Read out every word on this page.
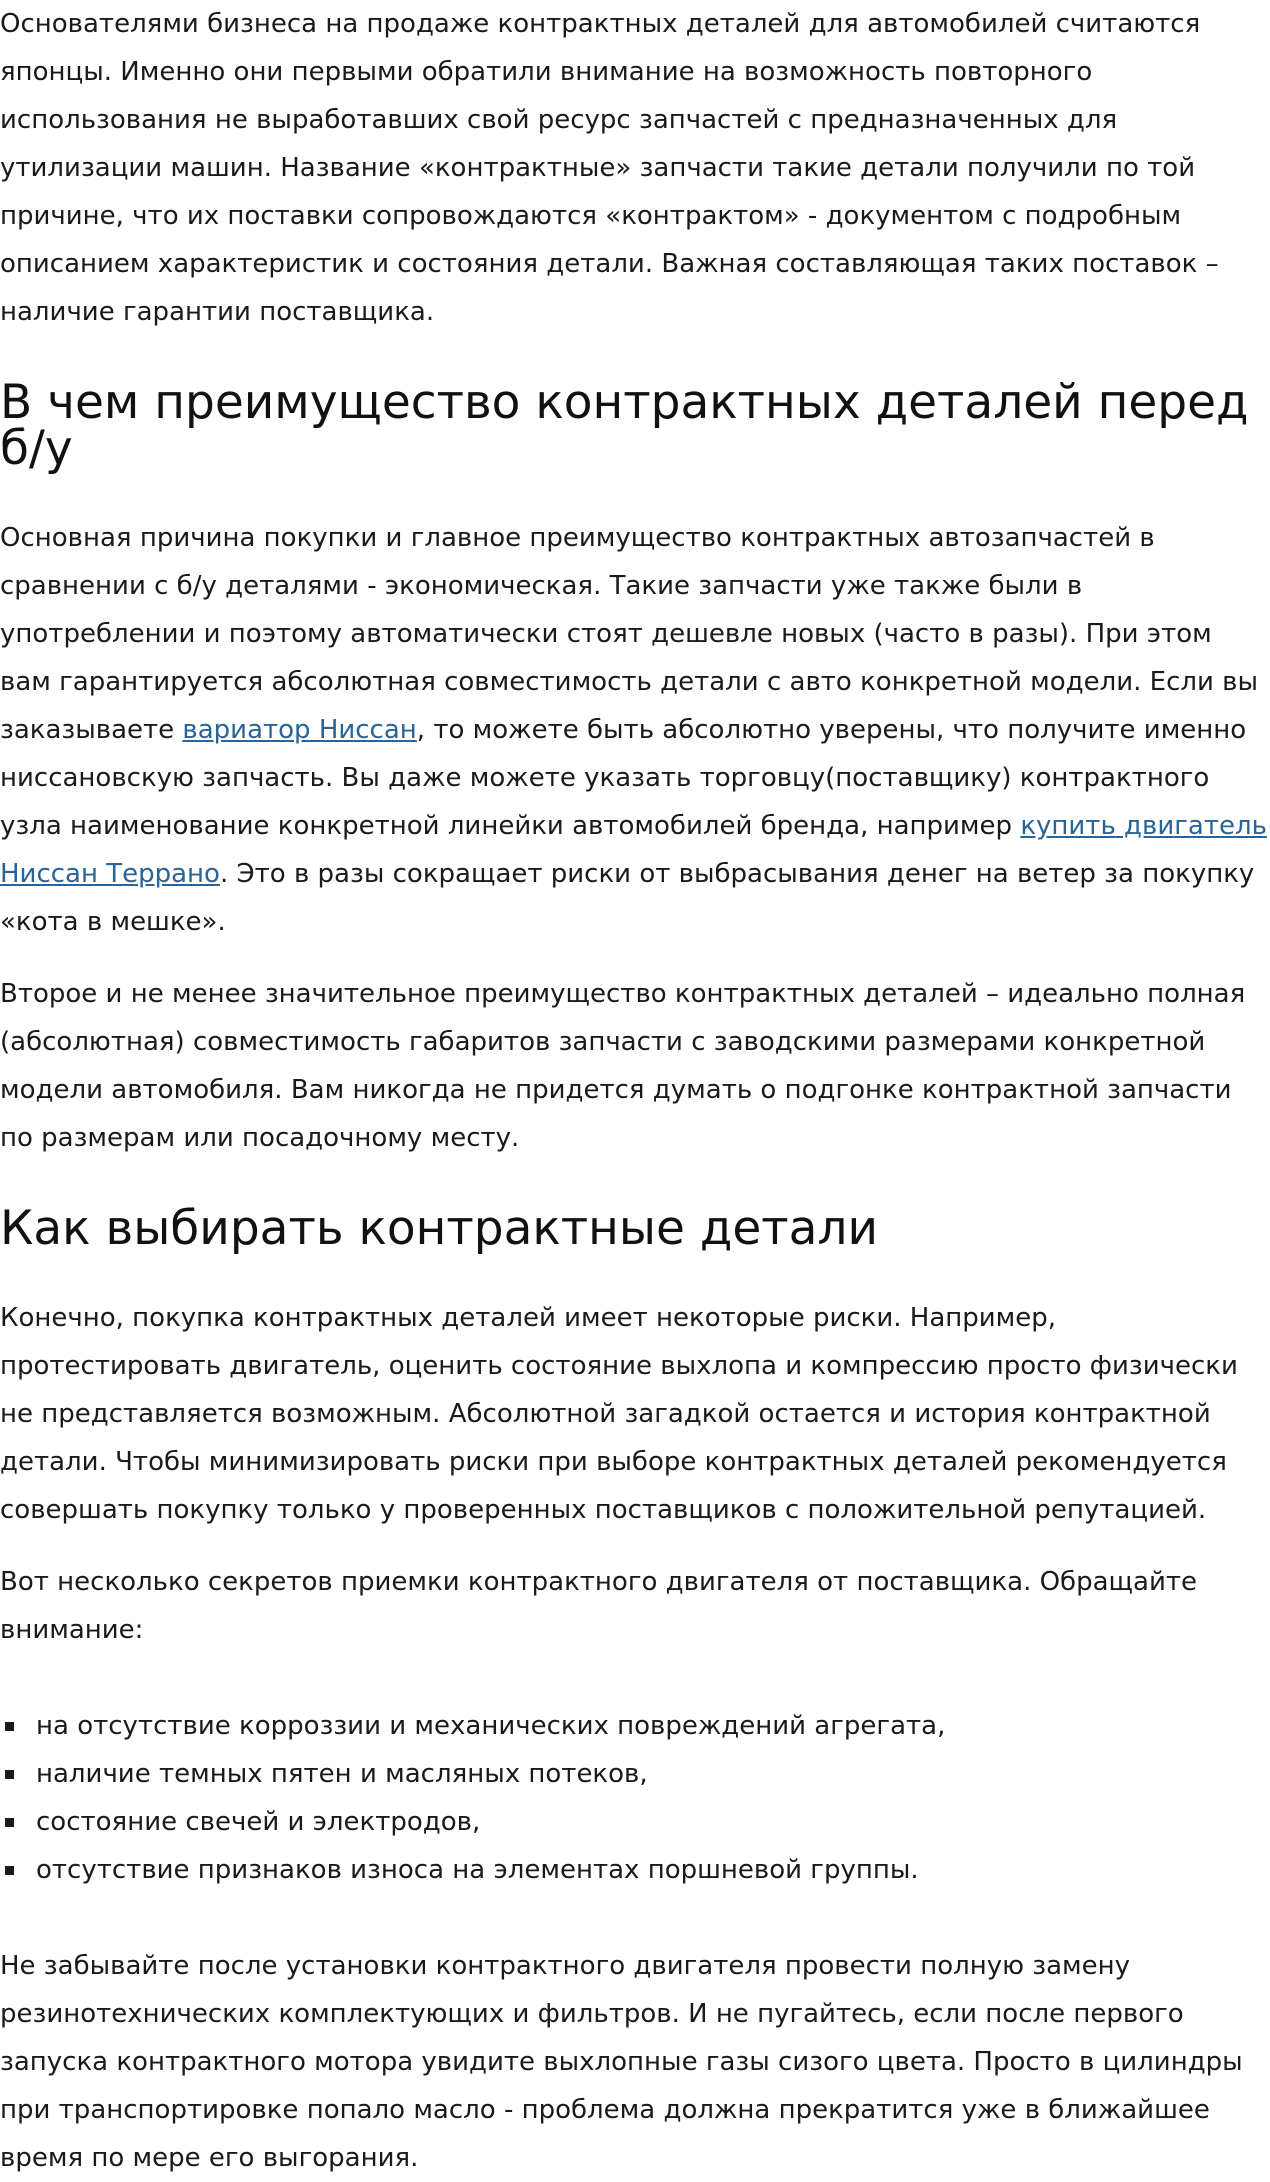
Основателями бизнеса на продаже контрактных деталей для автомобилей считаются японцы. Именно они первыми обратили внимание на возможность повторного использования не выработавших свой ресурс запчастей с предназначенных для утилизации машин. Название «контрактные» запчасти такие детали получили по той причине, что их поставки сопровождаются «контрактом» - документом с подробным описанием характеристик и состояния детали. Важная составляющая таких поставок – наличие гарантии поставщика.

В чем преимущество контрактных деталей перед б/у

Основная причина покупки и главное преимущество контрактных автозапчастей в сравнении с б/у деталями - экономическая. Такие запчасти уже также были в употреблении и поэтому автоматически стоят дешевле новых (часто в разы). При этом вам гарантируется абсолютная совместимость детали с авто конкретной модели. Если вы заказываете вариатор Ниссан, то можете быть абсолютно уверены, что получите именно ниссановскую запчасть. Вы даже можете указать торговцу(поставщику) контрактного узла наименование конкретной линейки автомобилей бренда, например купить двигатель Ниссан Террано. Это в разы сокращает риски от выбрасывания денег на ветер за покупку «кота в мешке».

Второе и не менее значительное преимущество контрактных деталей – идеально полная (абсолютная) совместимость габаритов запчасти с заводскими размерами конкретной модели автомобиля. Вам никогда не придется думать о подгонке контрактной запчасти по размерам или посадочному месту.

Как выбирать контрактные детали

Конечно, покупка контрактных деталей имеет некоторые риски. Например, протестировать двигатель, оценить состояние выхлопа и компрессию просто физически не представляется возможным. Абсолютной загадкой остается и история контрактной детали. Чтобы минимизировать риски при выборе контрактных деталей рекомендуется совершать покупку только у проверенных поставщиков с положительной репутацией.

Вот несколько секретов приемки контрактного двигателя от поставщика. Обращайте внимание:

на отсутствие корроззии и механических повреждений агрегата,
наличие темных пятен и масляных потеков,
состояние свечей и электродов,
отсутствие признаков износа на элементах поршневой группы.

Не забывайте после установки контрактного двигателя провести полную замену резинотехнических комплектующих и фильтров. И не пугайтесь, если после первого запуска контрактного мотора увидите выхлопные газы сизого цвета. Просто в цилиндры при транспортировке попало масло - проблема должна прекратится уже в ближайшее время по мере его выгорания.
